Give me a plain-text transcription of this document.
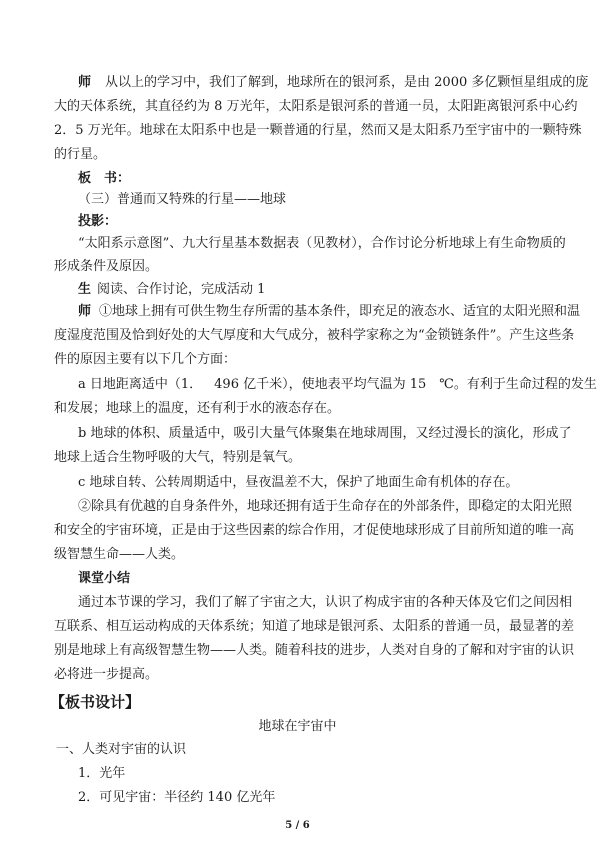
师 从以上的学习中，我们了解到，地球所在的银河系，是由 2000 多亿颗恒星组成的庞
大的天体系统，其直径约为 8 万光年，太阳系是银河系的普通一员，太阳距离银河系中心约
2．5 万光年。地球在太阳系中也是一颗普通的行星，然而又是太阳系乃至宇宙中的一颗特殊
的行星。
板　书：
（三）普通而又特殊的行星——地球
投影：
“太阳系示意图”、九大行星基本数据表（见教材），合作讨论分析地球上有生命物质的
形成条件及原因。
生 阅读、合作讨论，完成活动 1
师 ①地球上拥有可供生物生存所需的基本条件，即充足的液态水、适宜的太阳光照和温
度湿度范围及恰到好处的大气厚度和大气成分，被科学家称之为“金锁链条件”。产生这些条
件的原因主要有以下几个方面：
a 日地距离适中（1． 496 亿千米），使地表平均气温为 15　℃。有利于生命过程的发生
和发展；地球上的温度，还有利于水的液态存在。
b 地球的体积、质量适中，吸引大量气体聚集在地球周围，又经过漫长的演化，形成了
地球上适合生物呼吸的大气，特别是氧气。
c 地球自转、公转周期适中，昼夜温差不大，保护了地面生命有机体的存在。
②除具有优越的自身条件外，地球还拥有适于生命存在的外部条件，即稳定的太阳光照
和安全的宇宙环境，正是由于这些因素的综合作用，才促使地球形成了目前所知道的唯一高
级智慧生命——人类。
课堂小结
通过本节课的学习，我们了解了宇宙之大，认识了构成宇宙的各种天体及它们之间因相
互联系、相互运动构成的天体系统；知道了地球是银河系、太阳系的普通一员，最显著的差
别是地球上有高级智慧生物——人类。随着科技的进步，人类对自身的了解和对宇宙的认识
必将进一步提高。
【板书设计】
地球在宇宙中
一、人类对宇宙的认识
1．光年
2．可见宇宙：半径约 140 亿光年
5 / 6
